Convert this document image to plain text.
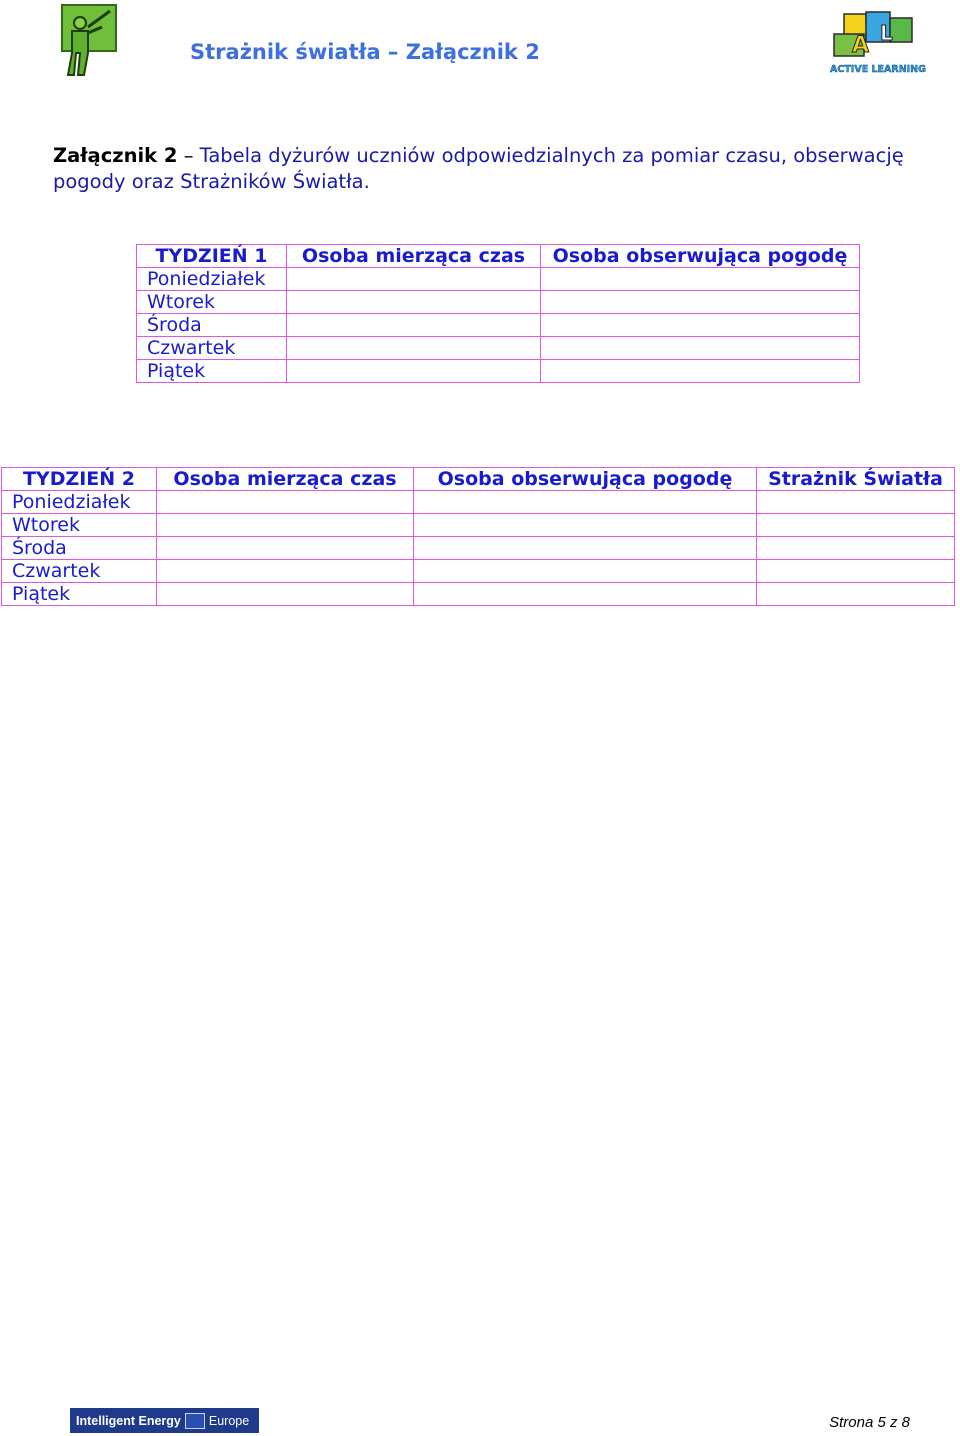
Strażnik światła – Załącznik 2	A L
ACTIVE LEARNING
Załącznik 2 – Tabela dyżurów uczniów odpowiedzialnych za pomiar czasu, obserwację pogody oraz Strażników Światła.
TYDZIEŃ 1	Osoba mierząca czas	Osoba obserwująca pogodę
Poniedziałek		
Wtorek		
Środa		
Czwartek		
Piątek		
TYDZIEŃ 2	Osoba mierząca czas	Osoba obserwująca pogodę	Strażnik Światła
Poniedziałek			
Wtorek			
Środa			
Czwartek			
Piątek			
Intelligent Energy Europe	Strona 5 z 8
